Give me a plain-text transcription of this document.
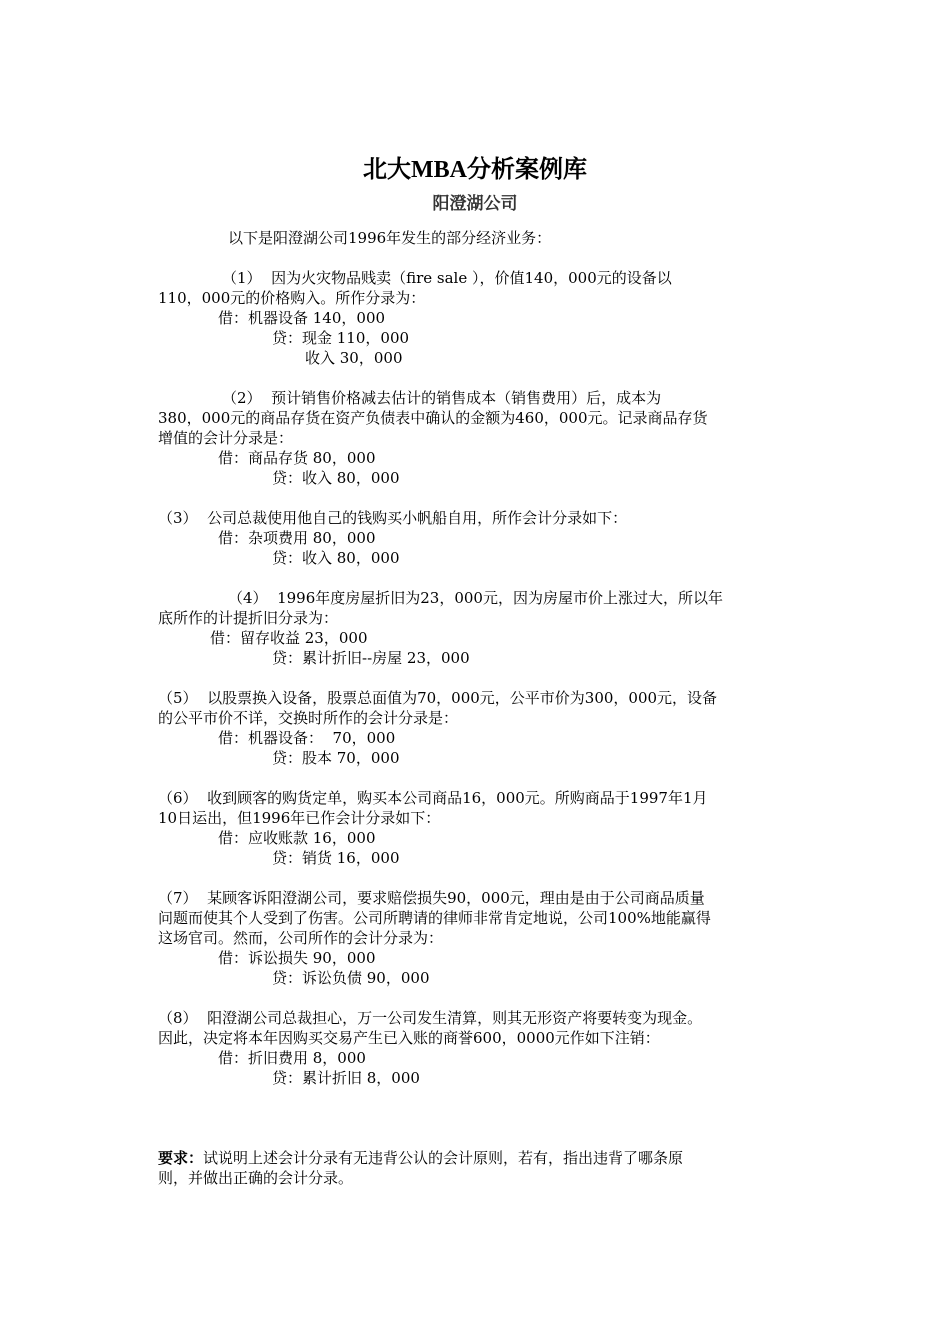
北大MBA分析案例库
阳澄湖公司
以下是阳澄湖公司1996年发生的部分经济业务：
（1）  因为火灾物品贱卖（fire sale ），价值140，000元的设备以
110，000元的价格购入。所作分录为：
借：机器设备 140，000
贷：现金 110，000
收入 30，000
（2）  预计销售价格减去估计的销售成本（销售费用）后，成本为
380，000元的商品存货在资产负债表中确认的金额为460，000元。记录商品存货
增值的会计分录是：
借：商品存货 80，000
贷：收入 80，000
（3）  公司总裁使用他自己的钱购买小帆船自用，所作会计分录如下：
借：杂项费用 80，000
贷：收入 80，000
（4）  1996年度房屋折旧为23，000元，因为房屋市价上涨过大，所以年
底所作的计提折旧分录为：
借：留存收益 23，000
贷：累计折旧--房屋 23，000
（5）  以股票换入设备，股票总面值为70，000元，公平市价为300，000元，设备
的公平市价不详，交换时所作的会计分录是：
借：机器设备：  70，000
贷：股本 70，000
（6）  收到顾客的购货定单，购买本公司商品16，000元。所购商品于1997年1月
10日运出，但1996年已作会计分录如下：
借：应收账款 16，000
贷：销货 16，000
（7）  某顾客诉阳澄湖公司，要求赔偿损失90，000元，理由是由于公司商品质量
问题而使其个人受到了伤害。公司所聘请的律师非常肯定地说，公司100%地能赢得
这场官司。然而，公司所作的会计分录为：
借：诉讼损失 90，000
贷：诉讼负债 90，000
（8）  阳澄湖公司总裁担心，万一公司发生清算，则其无形资产将要转变为现金。
因此，决定将本年因购买交易产生已入账的商誉600，0000元作如下注销：
借：折旧费用 8，000
贷：累计折旧 8，000
要求：试说明上述会计分录有无违背公认的会计原则，若有，指出违背了哪条原
则，并做出正确的会计分录。
